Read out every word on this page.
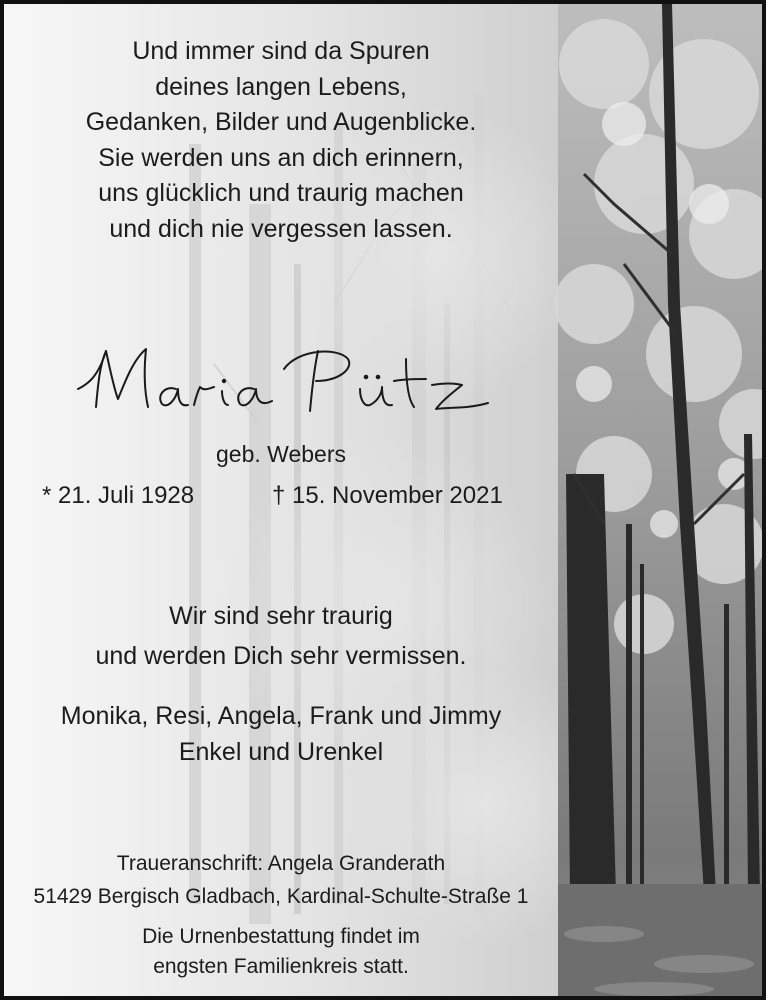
Und immer sind da Spuren
deines langen Lebens,
Gedanken, Bilder und Augenblicke.
Sie werden uns an dich erinnern,
uns glücklich und traurig machen
und dich nie vergessen lassen.
geb. Webers
* 21. Juli 1928	† 15. November 2021
Wir sind sehr traurig
und werden Dich sehr vermissen.
Monika, Resi, Angela, Frank und Jimmy
Enkel und Urenkel
Traueranschrift: Angela Granderath
51429 Bergisch Gladbach, Kardinal-Schulte-Straße 1
Die Urnenbestattung findet im
engsten Familienkreis statt.
